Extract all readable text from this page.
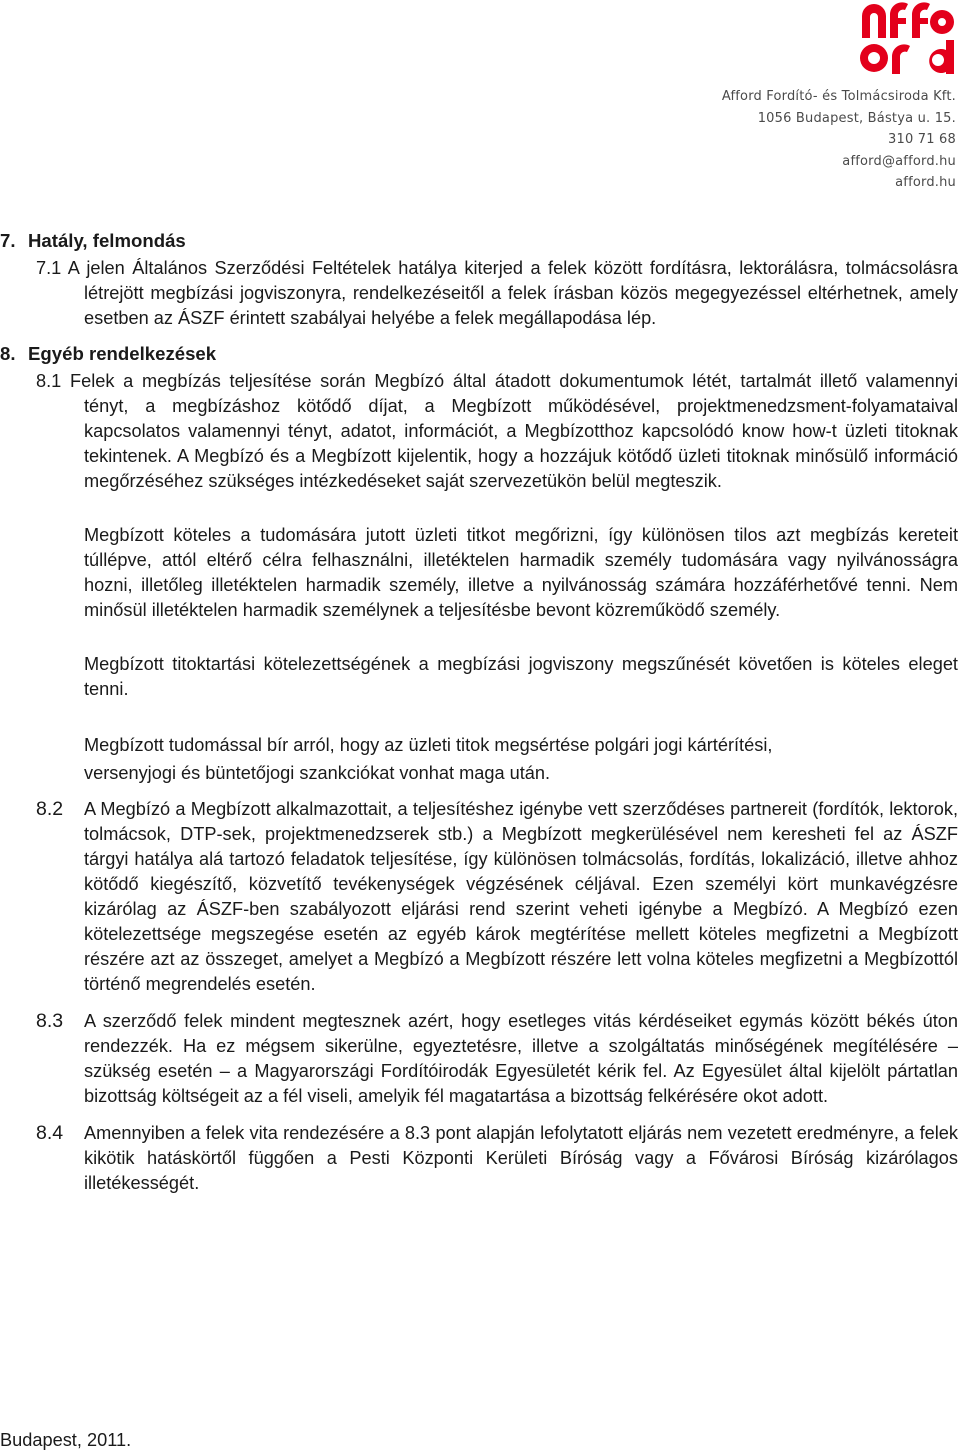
Afford Fordító- és Tolmácsiroda Kft.
1056 Budapest, Bástya u. 15.
310 71 68
afford@afford.hu
afford.hu
7. Hatály, felmondás

7.1 A jelen Általános Szerződési Feltételek hatálya kiterjed a felek között fordításra, lektorálásra, tolmácsolásra létrejött megbízási jogviszonyra, rendelkezéseitől a felek írásban közös megegyezéssel eltérhetnek, amely esetben az ÁSZF érintett szabályai helyébe a felek megállapodása lép.

8. Egyéb rendelkezések

8.1 Felek a megbízás teljesítése során Megbízó által átadott dokumentumok létét, tartalmát illető valamennyi tényt, a megbízáshoz kötődő díjat, a Megbízott működésével, projektmenedzsment-folyamataival kapcsolatos valamennyi tényt, adatot, információt, a Megbízotthoz kapcsolódó know how-t üzleti titoknak tekintenek. A Megbízó és a Megbízott kijelentik, hogy a hozzájuk kötődő üzleti titoknak minősülő információ megőrzéséhez szükséges intézkedéseket saját szervezetükön belül megteszik.

Megbízott köteles a tudomására jutott üzleti titkot megőrizni, így különösen tilos azt megbízás kereteit túllépve, attól eltérő célra felhasználni, illetéktelen harmadik személy tudomására vagy nyilvánosságra hozni, illetőleg illetéktelen harmadik személy, illetve a nyilvánosság számára hozzáférhetővé tenni. Nem minősül illetéktelen harmadik személynek a teljesítésbe bevont közreműködő személy.

Megbízott titoktartási kötelezettségének a megbízási jogviszony megszűnését követően is köteles eleget tenni.

Megbízott tudomással bír arról, hogy az üzleti titok megsértése polgári jogi kártérítési,
versenyjogi és büntetőjogi szankciókat vonhat maga után.
8.2 A Megbízó a Megbízott alkalmazottait, a teljesítéshez igénybe vett szerződéses partnereit (fordítók, lektorok, tolmácsok, DTP-sek, projektmenedzserek stb.) a Megbízott megkerülésével nem keresheti fel az ÁSZF tárgyi hatálya alá tartozó feladatok teljesítése, így különösen tolmácsolás, fordítás, lokalizáció, illetve ahhoz kötődő kiegészítő, közvetítő tevékenységek végzésének céljával. Ezen személyi kört munkavégzésre kizárólag az ÁSZF-ben szabályozott eljárási rend szerint veheti igénybe a Megbízó. A Megbízó ezen kötelezettsége megszegése esetén az egyéb károk megtérítése mellett köteles megfizetni a Megbízott részére azt az összeget, amelyet a Megbízó a Megbízott részére lett volna köteles megfizetni a Megbízottól történő megrendelés esetén.

8.3 A szerződő felek mindent megtesznek azért, hogy esetleges vitás kérdéseiket egymás között békés úton rendezzék. Ha ez mégsem sikerülne, egyeztetésre, illetve a szolgáltatás minőségének megítélésére – szükség esetén – a Magyarországi Fordítóirodák Egyesületét kérik fel. Az Egyesület által kijelölt pártatlan bizottság költségeit az a fél viseli, amelyik fél magatartása a bizottság felkérésére okot adott.

8.4 Amennyiben a felek vita rendezésére a 8.3 pont alapján lefolytatott eljárás nem vezetett eredményre, a felek kikötik hatáskörtől függően a Pesti Központi Kerületi Bíróság vagy a Fővárosi Bíróság kizárólagos illetékességét.

Budapest, 2011.
